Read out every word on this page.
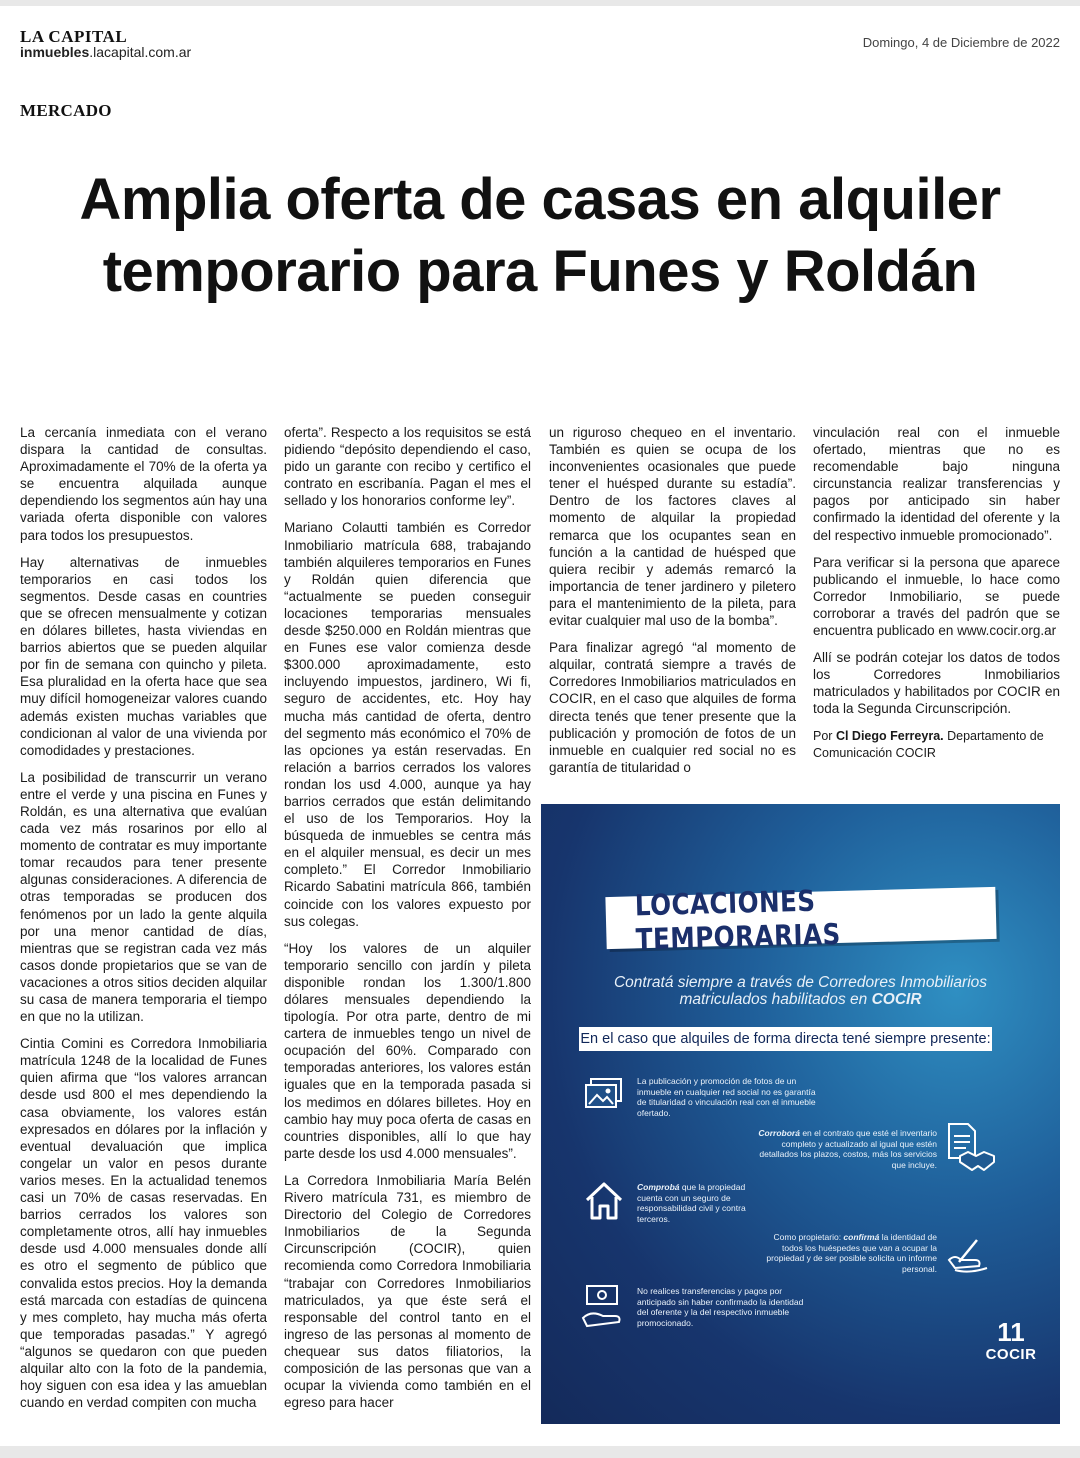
LA CAPITAL
inmuebles.lacapital.com.ar
Domingo, 4 de Diciembre de 2022
MERCADO
Amplia oferta de casas en alquiler temporario para Funes y Roldán

La cercanía inmediata con el verano dispara la cantidad de consultas. Aproximadamente el 70% de la oferta ya se encuentra alquilada aunque dependiendo los segmentos aún hay una variada oferta disponible con valores para todos los presupuestos.

Hay alternativas de inmuebles temporarios en casi todos los segmentos. Desde casas en countries que se ofrecen mensualmente y cotizan en dólares billetes, hasta viviendas en barrios abiertos que se pueden alquilar por fin de semana con quincho y pileta. Esa pluralidad en la oferta hace que sea muy difícil homogeneizar valores cuando además existen muchas variables que condicionan al valor de una vivienda por comodidades y prestaciones.

La posibilidad de transcurrir un verano entre el verde y una piscina en Funes y Roldán, es una alternativa que evalúan cada vez más rosarinos por ello al momento de contratar es muy importante tomar recaudos para tener presente algunas consideraciones. A diferencia de otras temporadas se producen dos fenómenos por un lado la gente alquila por una menor cantidad de días, mientras que se registran cada vez más casos donde propietarios que se van de vacaciones a otros sitios deciden alquilar su casa de manera temporaria el tiempo en que no la utilizan.

Cintia Comini es Corredora Inmobiliaria matrícula 1248 de la localidad de Funes quien afirma que “los valores arrancan desde usd 800 el mes dependiendo la casa obviamente, los valores están expresados en dólares por la inflación y eventual devaluación que implica congelar un valor en pesos durante varios meses. En la actualidad tenemos casi un 70% de casas reservadas. En barrios cerrados los valores son completamente otros, allí hay inmuebles desde usd 4.000 mensuales donde allí es otro el segmento de público que convalida estos precios. Hoy la demanda está marcada con estadías de quincena y mes completo, hay mucha más oferta que temporadas pasadas.” Y agregó “algunos se quedaron con que pueden alquilar alto con la foto de la pandemia, hoy siguen con esa idea y las amueblan cuando en verdad compiten con mucha

oferta”. Respecto a los requisitos se está pidiendo “depósito dependiendo el caso, pido un garante con recibo y certifico el contrato en escribanía. Pagan el mes el sellado y los honorarios conforme ley”.

Mariano Colautti también es Corredor Inmobiliario matrícula 688, trabajando también alquileres temporarios en Funes y Roldán quien diferencia que “actualmente se pueden conseguir locaciones temporarias mensuales desde $250.000 en Roldán mientras que en Funes ese valor comienza desde $300.000 aproximadamente, esto incluyendo impuestos, jardinero, Wi fi, seguro de accidentes, etc. Hoy hay mucha más cantidad de oferta, dentro del segmento más económico el 70% de las opciones ya están reservadas. En relación a barrios cerrados los valores rondan los usd 4.000, aunque ya hay barrios cerrados que están delimitando el uso de los Temporarios. Hoy la búsqueda de inmuebles se centra más en el alquiler mensual, es decir un mes completo.” El Corredor Inmobiliario Ricardo Sabatini matrícula 866, también coincide con los valores expuesto por sus colegas.

“Hoy los valores de un alquiler temporario sencillo con jardín y pileta disponible rondan los 1.300/1.800 dólares mensuales dependiendo la tipología. Por otra parte, dentro de mi cartera de inmuebles tengo un nivel de ocupación del 60%. Comparado con temporadas anteriores, los valores están iguales que en la temporada pasada si los medimos en dólares billetes. Hoy en cambio hay muy poca oferta de casas en countries disponibles, allí lo que hay parte desde los usd 4.000 mensuales”.

La Corredora Inmobiliaria María Belén Rivero matrícula 731, es miembro de Directorio del Colegio de Corredores Inmobiliarios de la Segunda Circunscripción (COCIR), quien recomienda como Corredora Inmobiliaria “trabajar con Corredores Inmobiliarios matriculados, ya que éste será el responsable del control tanto en el ingreso de las personas al momento de chequear sus datos filiatorios, la composición de las personas que van a ocupar la vivienda como también en el egreso para hacer

un riguroso chequeo en el inventario. También es quien se ocupa de los inconvenientes ocasionales que puede tener el huésped durante su estadía”. Dentro de los factores claves al momento de alquilar la propiedad remarca que los ocupantes sean en función a la cantidad de huésped que quiera recibir y además remarcó la importancia de tener jardinero y piletero para el mantenimiento de la pileta, para evitar cualquier mal uso de la bomba”.

Para finalizar agregó “al momento de alquilar, contratá siempre a través de Corredores Inmobiliarios matriculados en COCIR, en el caso que alquiles de forma directa tenés que tener presente que la publicación y promoción de fotos de un inmueble en cualquier red social no es garantía de titularidad o

vinculación real con el inmueble ofertado, mientras que no es recomendable bajo ninguna circunstancia realizar transferencias y pagos por anticipado sin haber confirmado la identidad del oferente y la del respectivo inmueble promocionado”.

Para verificar si la persona que aparece publicando el inmueble, lo hace como Corredor Inmobiliario, se puede corroborar a través del padrón que se encuentra publicado en www.cocir.org.ar

Allí se podrán cotejar los datos de todos los Corredores Inmobiliarios matriculados y habilitados por COCIR en toda la Segunda Circunscripción.

Por Cl Diego Ferreyra. Departamento de Comunicación COCIR

LOCACIONES TEMPORARIAS
Contratá siempre a través de Corredores Inmobiliarios
matriculados habilitados en COCIR
En el caso que alquiles de forma directa tené siempre presente:
La publicación y promoción de fotos de un inmueble en cualquier red social no es garantía de titularidad o vinculación real con el inmueble ofertado.
Corroborá en el contrato que esté el inventario completo y actualizado al igual que estén detallados los plazos, costos, más los servicios que incluye.
Comprobá que la propiedad cuenta con un seguro de responsabilidad civil y contra terceros.
Como propietario: confirmá la identidad de todos los huéspedes que van a ocupar la propiedad y de ser posible solicita un informe personal.
No realices transferencias y pagos por anticipado sin haber confirmado la identidad del oferente y la del respectivo inmueble promocionado.	11
COCIR
